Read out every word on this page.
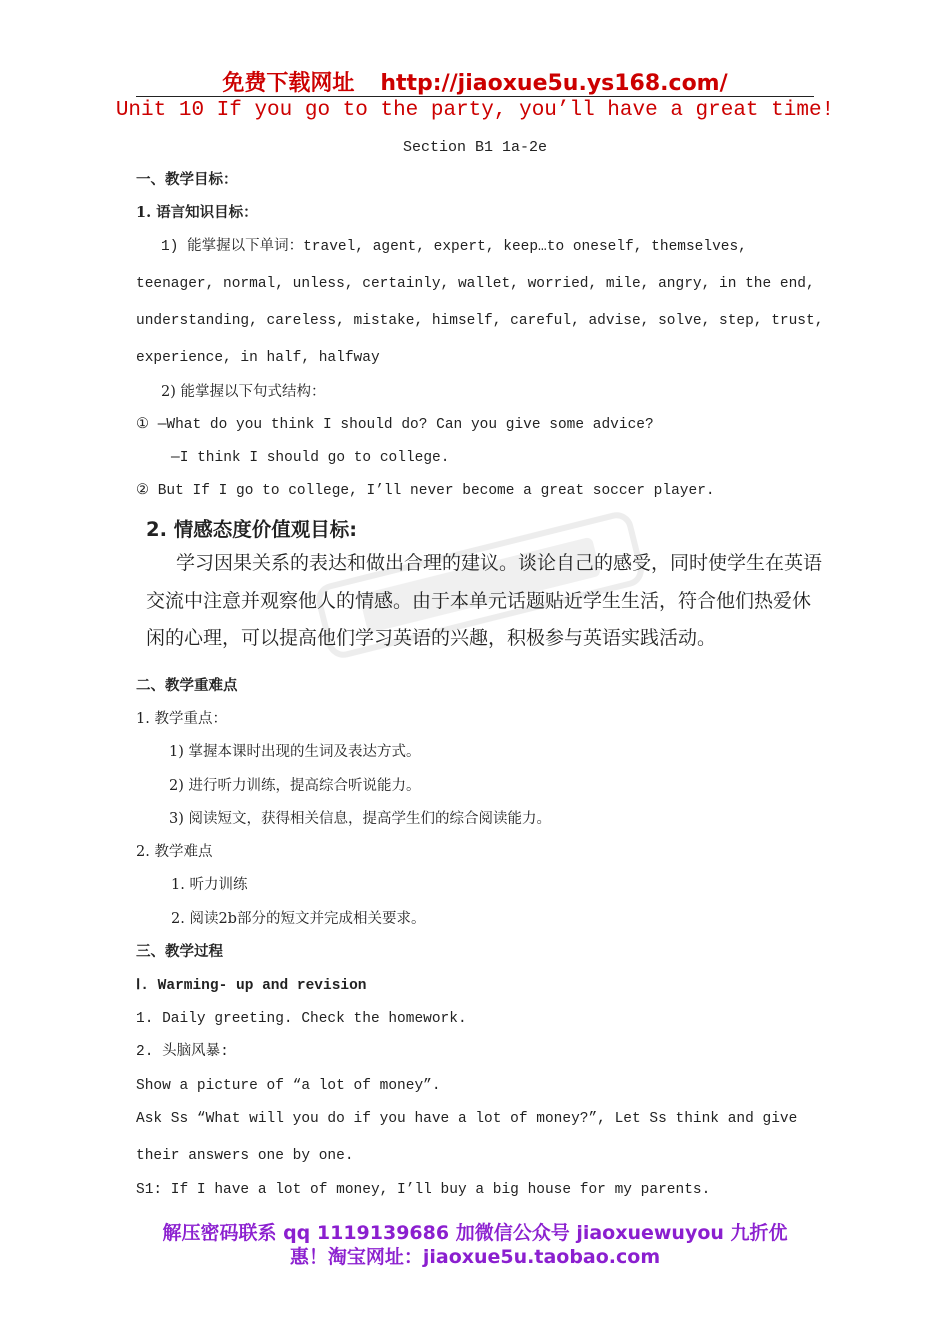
免费下载网址 http://jiaoxue5u.ys168.com/
Unit 10 If you go to the party, you’ll have a great time!
Section B1 1a-2e
一、教学目标：
1. 语言知识目标：
1) 能掌握以下单词：travel, agent, expert, keep…to oneself, themselves,
teenager, normal, unless, certainly, wallet, worried, mile, angry, in the end,
understanding, careless, mistake, himself, careful, advise, solve, step, trust,
experience, in half, halfway
2) 能掌握以下句式结构：
① —What do you think I should do? Can you give some advice?
—I think I should go to college.
② But If I go to college, I’ll never become a great soccer player.
2. 情感态度价值观目标:
学习因果关系的表达和做出合理的建议。谈论自己的感受，同时使学生在英语
交流中注意并观察他人的情感。由于本单元话题贴近学生生活，符合他们热爱休
闲的心理，可以提高他们学习英语的兴趣，积极参与英语实践活动。
二、教学重难点
1. 教学重点：
1) 掌握本课时出现的生词及表达方式。
2) 进行听力训练，提高综合听说能力。
3) 阅读短文，获得相关信息，提高学生们的综合阅读能力。
2. 教学难点
1. 听力训练
2. 阅读2b部分的短文并完成相关要求。
三、教学过程
Ⅰ. Warming- up and revision
1. Daily greeting. Check the homework.
2. 头脑风暴:
Show a picture of “a lot of money”.
Ask Ss “What will you do if you have a lot of money?”, Let Ss think and give
their answers one by one.
S1: If I have a lot of money, I’ll buy a big house for my parents.
解压密码联系 qq 1119139686 加微信公众号 jiaoxuewuyou 九折优
惠！淘宝网址：jiaoxue5u.taobao.com
